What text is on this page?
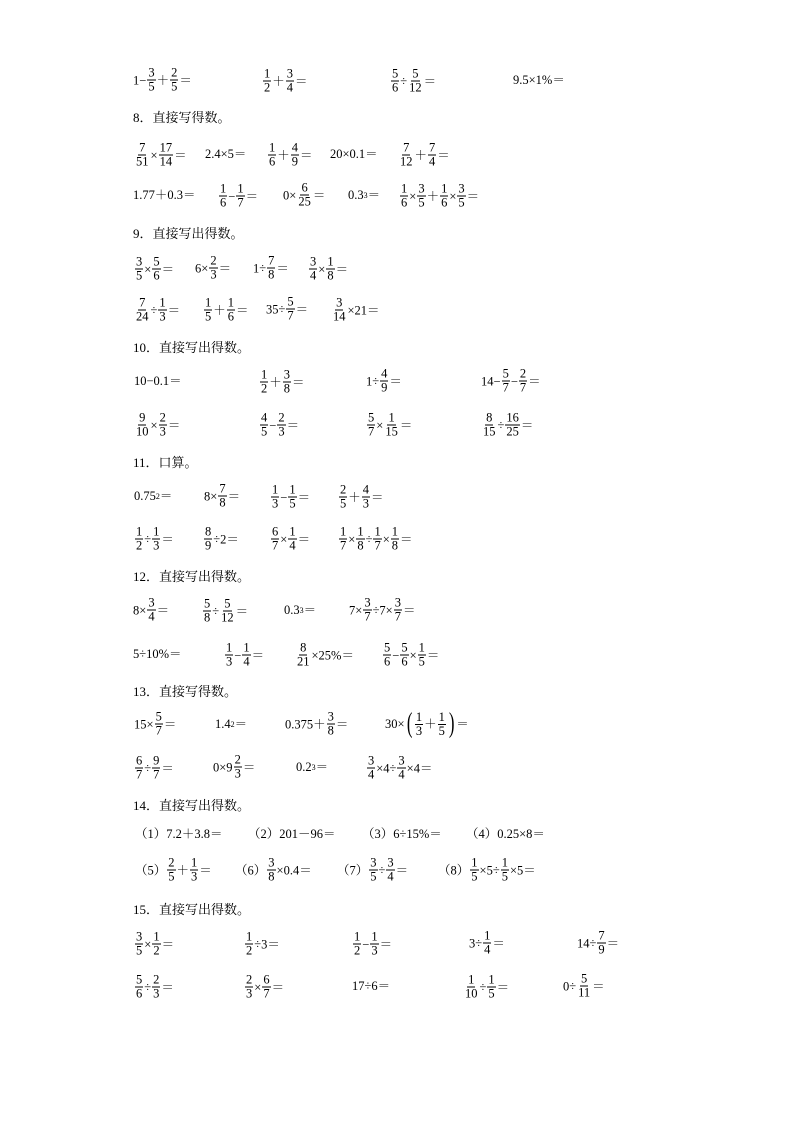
$1- \frac{3}{5} + \frac{2}{5}$ ＝	$\frac{1}{2} + \frac{3}{4}$ ＝	$\frac{5}{6} \div \frac{5}{12}$ ＝	9.5×1%＝
8．直接写得数。
$\frac{7}{51} \times \frac{17}{14} = 2.4\times 5= \frac{1}{6} + \frac{4}{9} = 20\times 0.1= \frac{7}{12} + \frac{7}{4}$ ＝
$1.77+0.3= \frac{1}{6} - \frac{1}{7} = 0\times \frac{6}{25} = 0.3$ $3 = \frac{1}{6} \times \frac{3}{5} + \frac{1}{6} \times \frac{3}{5}$ ＝
9．直接写出得数。
$\frac{3}{5} \times \frac{5}{6} = 6\times \frac{2}{3} = 1\div \frac{7}{8} = \frac{3}{4} \times \frac{1}{8}$ ＝
$\frac{7}{24} \div \frac{1}{3} = \frac{1}{5} + \frac{1}{6} = 35\div \frac{5}{7} = \frac{3}{14} \times 21=$
10．直接写出得数。
10−0.1＝	$\frac{1}{2} + \frac{3}{8}$ ＝	$1\div \frac{4}{9}$ ＝	$14- \frac{5}{7} - \frac{2}{7}$ ＝
$\frac{9}{10} \times \frac{2}{3}$ ＝	$\frac{4}{5} - \frac{2}{3}$ ＝	$\frac{5}{7} \times \frac{1}{15}$ ＝	$\frac{8}{15} \div \frac{16}{25}$ ＝
11．口算。
0.75 2 ＝	$8\times \frac{7}{8} = \frac{1}{3} - \frac{1}{5} = \frac{2}{5} + \frac{4}{3}$ ＝
$\frac{1}{2} \div \frac{1}{3} = \frac{8}{9} \div 2=$	$\frac{6}{7} \times \frac{1}{4} = \frac{1}{7} \times \frac{1}{8} \div \frac{1}{7} \times \frac{1}{8}$ ＝
12．直接写出得数。
$8\times \frac{3}{4}$ ＝	$\frac{5}{8} \div \frac{5}{12}$ ＝	0.3 3 ＝	$7\times \frac{3}{7} \div 7\times \frac{3}{7}$ ＝
5÷10%＝	$\frac{1}{3} - \frac{1}{4}$ ＝	$\frac{8}{21} \times 25\%= \frac{5}{6} - \frac{5}{6} \times \frac{1}{5}$ ＝
13．直接写得数。
$15\times \frac{5}{7}$ ＝	1.4 2 ＝	$0.375+ \frac{3}{8}$ ＝	30× ( $\frac{1}{3} + \frac{1}{5}$ ) ＝
$\frac{6}{7} \div \frac{9}{7}$ ＝	$0\times 9 \frac{2}{3}$ ＝	0.2 3 ＝	$\frac{3}{4} \times 4\div \frac{3}{4} \times 4=$
14．直接写出得数。
（1）7.2＋3.8＝ （2）201－96＝ （3）6÷15%＝ （4）0.25×8＝
$(5) \frac{2}{5} + \frac{1}{3} = (6) \frac{3}{8} \times 0.4= (7) \frac{3}{5} \div \frac{3}{4} = (8) \frac{1}{5} \times 5\div \frac{1}{5} \times 5=$
15．直接写出得数。
$\frac{3}{5} \times \frac{1}{2}$ ＝	$\frac{1}{2} \div 3=$	$\frac{1}{2} - \frac{1}{3}$ ＝	$3\div \frac{1}{4}$ ＝	$14\div \frac{7}{9}$ ＝
$\frac{5}{6} \div \frac{2}{3}$ ＝	$\frac{2}{3} \times \frac{6}{7}$ ＝	17÷6＝	$\frac{1}{10} \div \frac{1}{5}$ ＝	$0\div \frac{5}{11}$ ＝
